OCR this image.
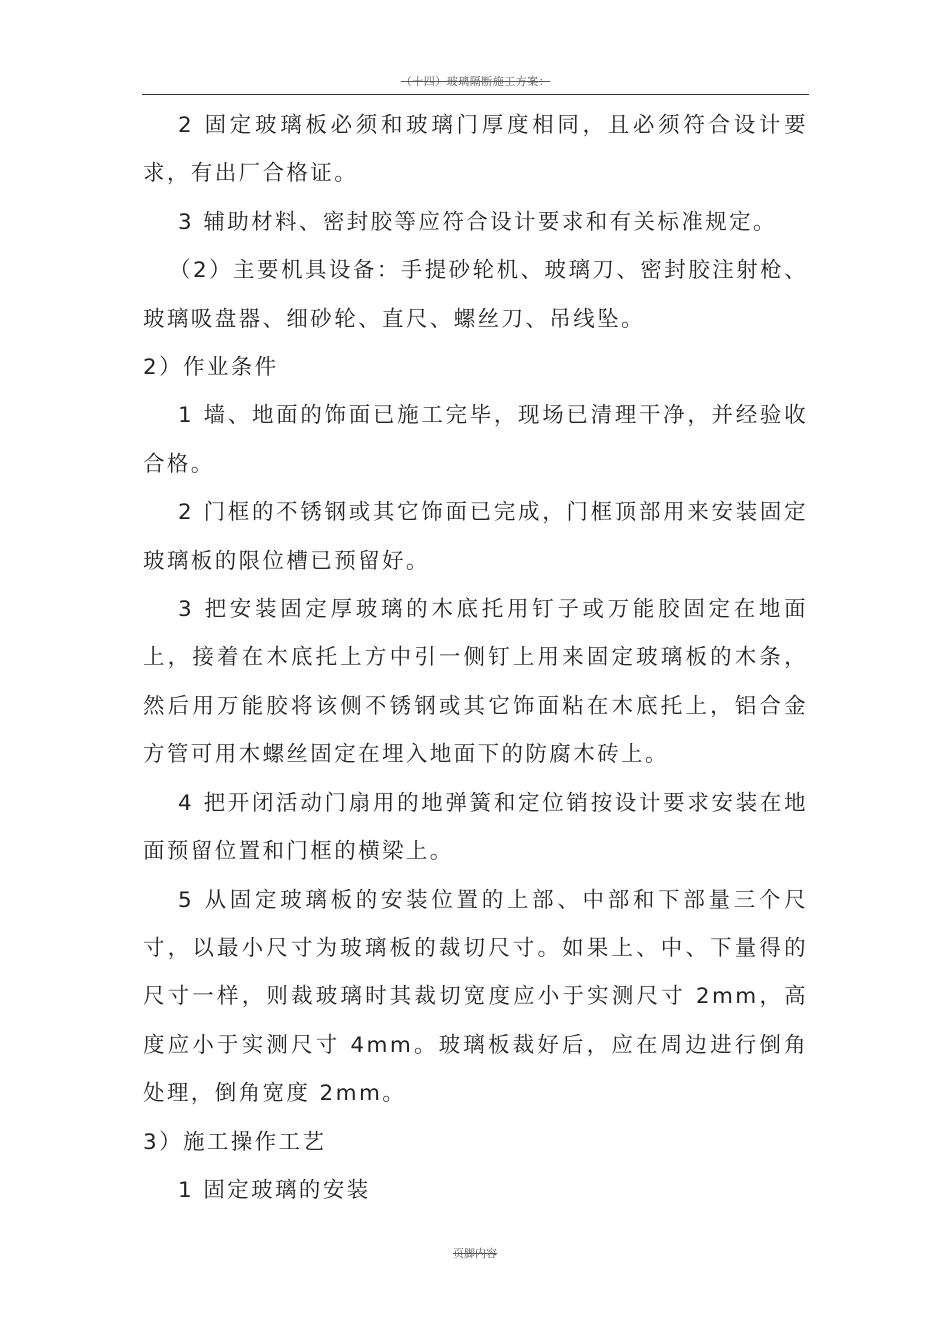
（十四）玻璃隔断施工方案：

2 固定玻璃板必须和玻璃门厚度相同，且必须符合设计要求，有出厂合格证。

3 辅助材料、密封胶等应符合设计要求和有关标准规定。

（2）主要机具设备：手提砂轮机、玻璃刀、密封胶注射枪、玻璃吸盘器、细砂轮、直尺、螺丝刀、吊线坠。

2）作业条件

1 墙、地面的饰面已施工完毕，现场已清理干净，并经验收合格。

2 门框的不锈钢或其它饰面已完成，门框顶部用来安装固定玻璃板的限位槽已预留好。

3 把安装固定厚玻璃的木底托用钉子或万能胶固定在地面上，接着在木底托上方中引一侧钉上用来固定玻璃板的木条，然后用万能胶将该侧不锈钢或其它饰面粘在木底托上，铝合金方管可用木螺丝固定在埋入地面下的防腐木砖上。

4 把开闭活动门扇用的地弹簧和定位销按设计要求安装在地面预留位置和门框的横梁上。

5 从固定玻璃板的安装位置的上部、中部和下部量三个尺寸，以最小尺寸为玻璃板的裁切尺寸。如果上、中、下量得的尺寸一样，则裁玻璃时其裁切宽度应小于实测尺寸 2mm，高度应小于实测尺寸 4mm。玻璃板裁好后，应在周边进行倒角处理，倒角宽度 2mm。

3）施工操作工艺

1 固定玻璃的安装

页脚内容
